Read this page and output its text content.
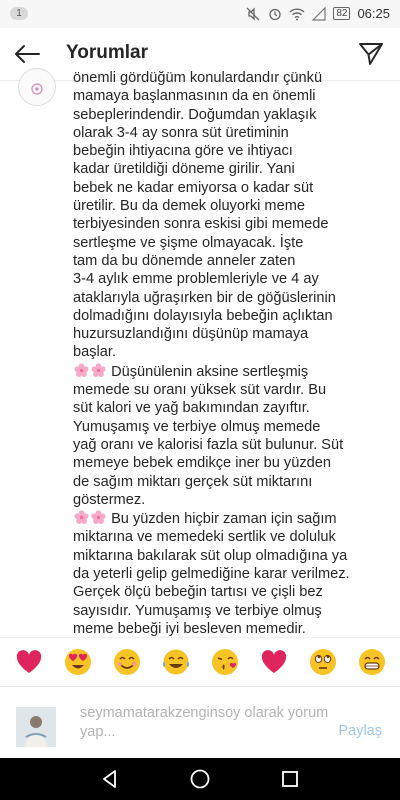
1	82 06:25
Yorumlar

önemli gördüğüm konulardandır çünkü

mamaya başlanmasının da en önemli

sebeplerindendir. Doğumdan yaklaşık

olarak 3-4 ay sonra süt üretiminin

bebeğin ihtiyacına göre ve ihtiyacı

kadar üretildiği döneme girilir. Yani

bebek ne kadar emiyorsa o kadar süt

üretilir. Bu da demek oluyorki meme

terbiyesinden sonra eskisi gibi memede

sertleşme ve şişme olmayacak. İşte

tam da bu dönemde anneler zaten

3-4 aylık emme problemleriyle ve 4 ay

ataklarıyla uğraşırken bir de göğüslerinin

dolmadığını dolayısıyla bebeğin açlıktan

huzursuzlandığını düşünüp mamaya

başlar.

Düşünülenin aksine sertleşmiş

memede su oranı yüksek süt vardır. Bu

süt kalori ve yağ bakımından zayıftır.

Yumuşamış ve terbiye olmuş memede

yağ oranı ve kalorisi fazla süt bulunur. Süt

memeye bebek emdikçe iner bu yüzden

de sağım miktarı gerçek süt miktarını

göstermez.

Bu yüzden hiçbir zaman için sağım

miktarına ve memedeki sertlik ve doluluk

miktarına bakılarak süt olup olmadığına ya

da yeterli gelip gelmediğine karar verilmez.

Gerçek ölçü bebeğin tartısı ve çişli bez

sayısıdır. Yumuşamış ve terbiye olmuş

meme bebeği iyi besleven memedir.

seymamatarakzenginsoy olarak yorum yap...	Paylaş
